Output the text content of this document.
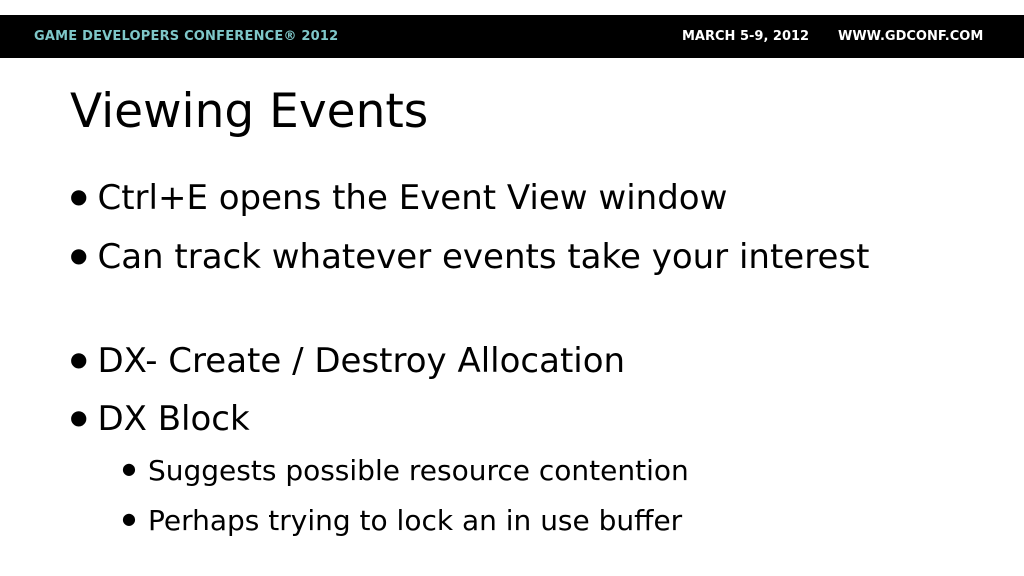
GAME DEVELOPERS CONFERENCE® 2012	MARCH 5-9, 2012 WWW.GDCONF.COM
Viewing Events

● Ctrl+E opens the Event View window

● Can track whatever events take your interest

● DX- Create / Destroy Allocation

● DX Block

● Suggests possible resource contention

● Perhaps trying to lock an in use buffer
